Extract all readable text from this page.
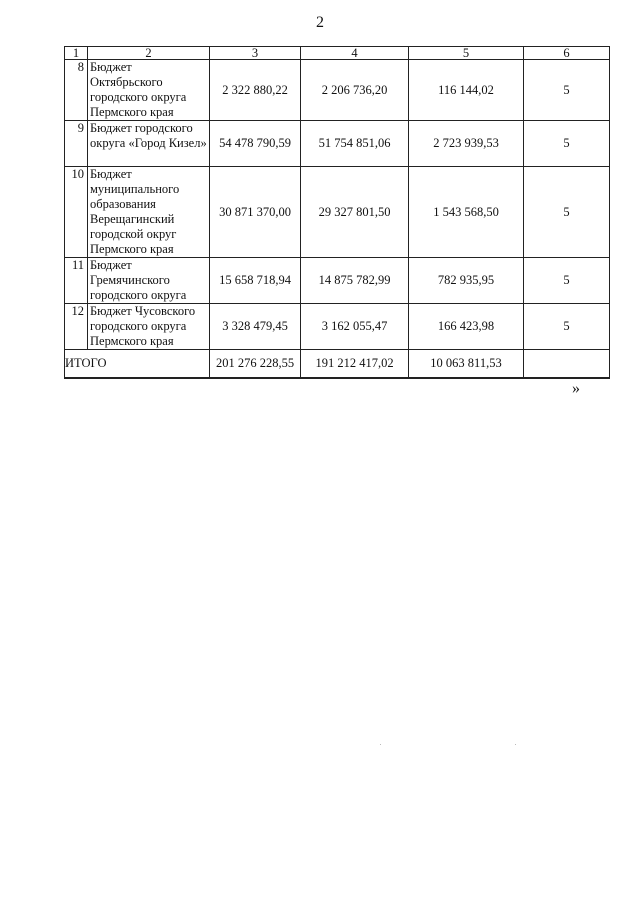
2
1	2	3	4	5	6
8	Бюджет Октябрьского городского округа Пермского края	2 322 880,22	2 206 736,20	116 144,02	5
9	Бюджет городского округа «Город Кизел»	54 478 790,59	51 754 851,06	2 723 939,53	5
10	Бюджет муниципального образования Верещагинский городской округ Пермского края	30 871 370,00	29 327 801,50	1 543 568,50	5
11	Бюджет Гремячинского городского округа	15 658 718,94	14 875 782,99	782 935,95	5
12	Бюджет Чусовского городского округа Пермского края	3 328 479,45	3 162 055,47	166 423,98	5
ИТОГО		201 276 228,55	191 212 417,02	10 063 811,53	
»
